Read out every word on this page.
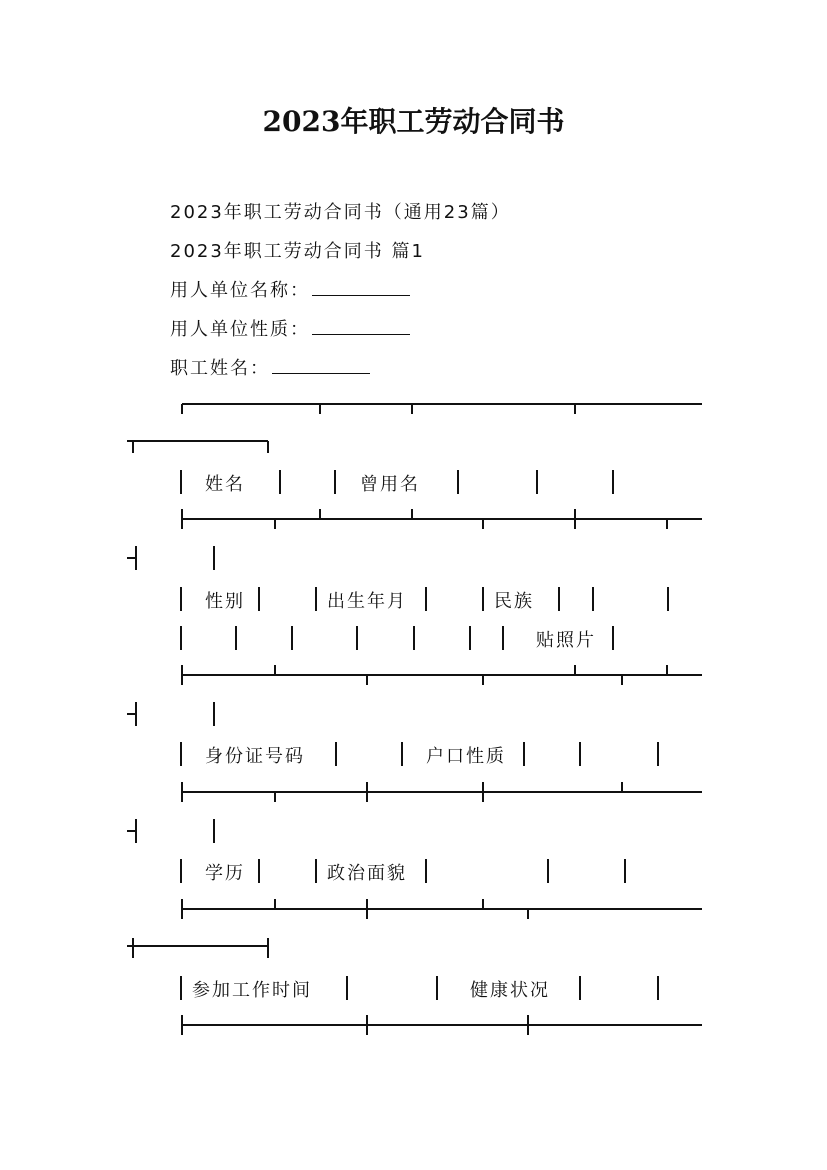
2023年职工劳动合同书
2023年职工劳动合同书（通用23篇）
2023年职工劳动合同书 篇1
用人单位名称：
用人单位性质：
职工姓名：
姓名	曾用名
性别	出生年月	民族
贴照片
身份证号码	户口性质
学历	政治面貌
参加工作时间	健康状况
